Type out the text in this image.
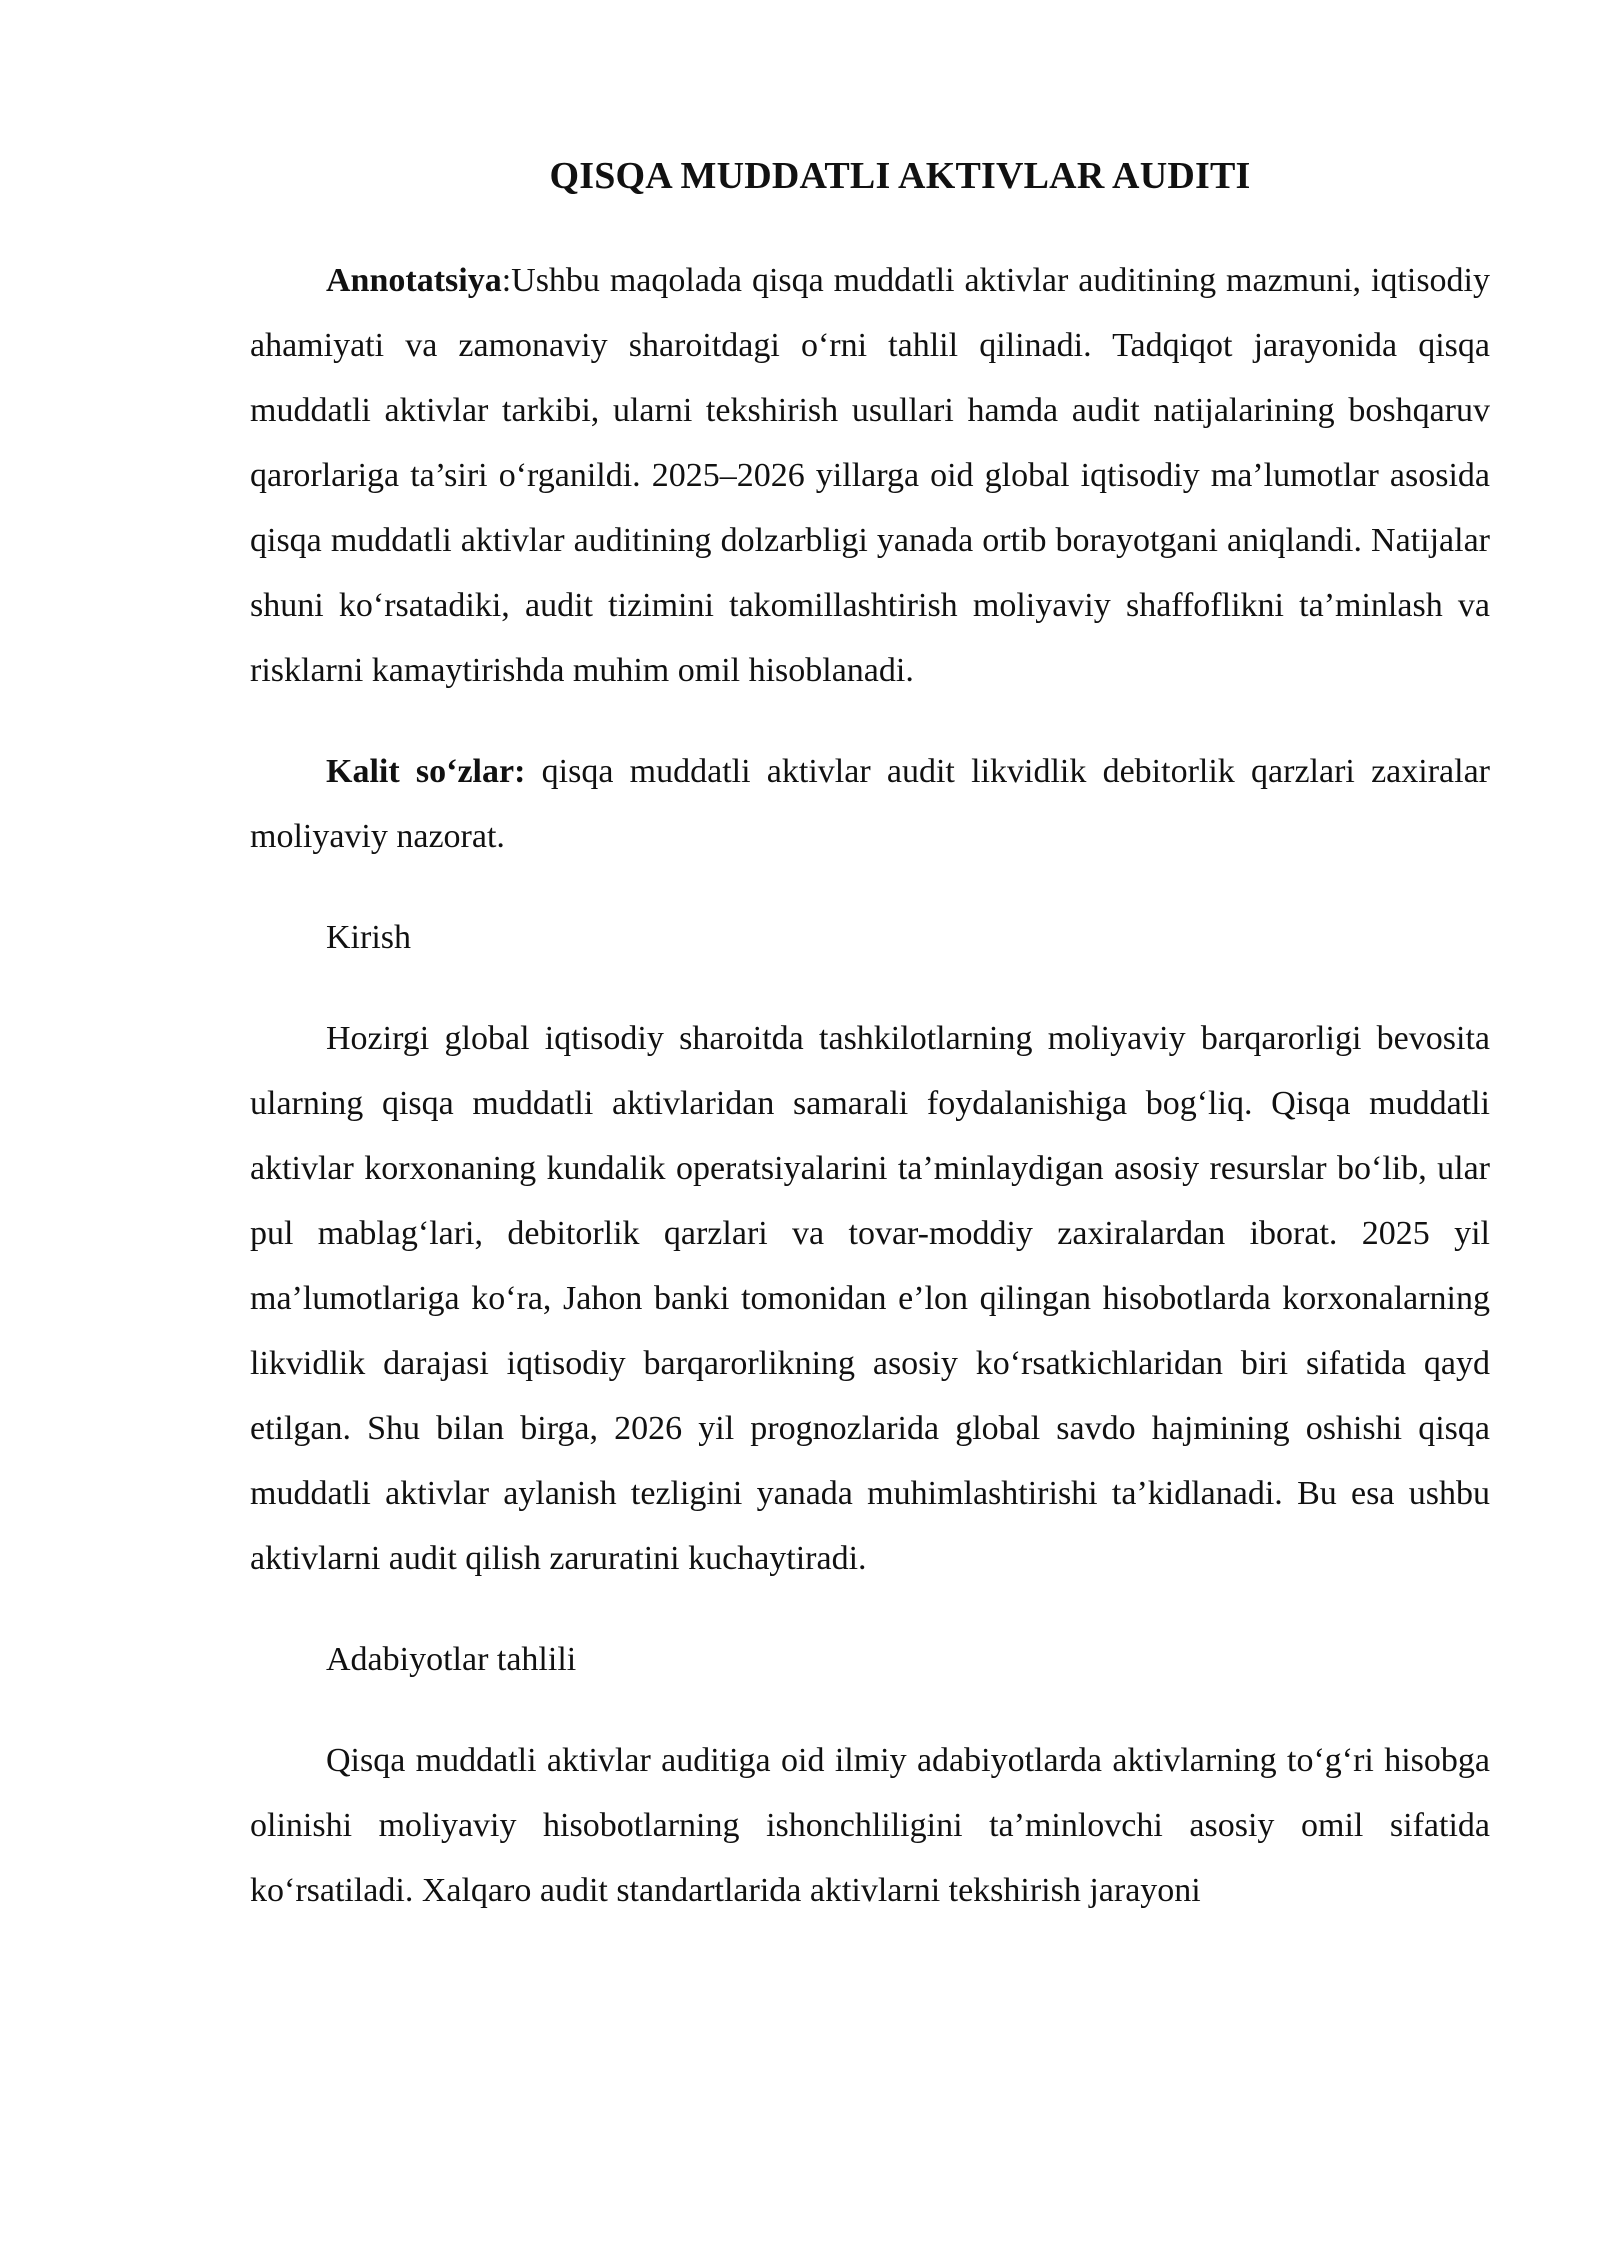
QISQA MUDDATLI AKTIVLAR AUDITI

Annotatsiya:Ushbu maqolada qisqa muddatli aktivlar auditining mazmuni, iqtisodiy ahamiyati va zamonaviy sharoitdagi o‘rni tahlil qilinadi. Tadqiqot jarayonida qisqa muddatli aktivlar tarkibi, ularni tekshirish usullari hamda audit natijalarining boshqaruv qarorlariga ta’siri o‘rganildi. 2025–2026 yillarga oid global iqtisodiy ma’lumotlar asosida qisqa muddatli aktivlar auditining dolzarbligi yanada ortib borayotgani aniqlandi. Natijalar shuni ko‘rsatadiki, audit tizimini takomillashtirish moliyaviy shaffoflikni ta’minlash va risklarni kamaytirishda muhim omil hisoblanadi.

Kalit so‘zlar: qisqa muddatli aktivlar audit likvidlik debitorlik qarzlari zaxiralar moliyaviy nazorat.

Kirish

Hozirgi global iqtisodiy sharoitda tashkilotlarning moliyaviy barqarorligi bevosita ularning qisqa muddatli aktivlaridan samarali foydalanishiga bog‘liq. Qisqa muddatli aktivlar korxonaning kundalik operatsiyalarini ta’minlaydigan asosiy resurslar bo‘lib, ular pul mablag‘lari, debitorlik qarzlari va tovar-moddiy zaxiralardan iborat. 2025 yil ma’lumotlariga ko‘ra, Jahon banki tomonidan e’lon qilingan hisobotlarda korxonalarning likvidlik darajasi iqtisodiy barqarorlikning asosiy ko‘rsatkichlaridan biri sifatida qayd etilgan. Shu bilan birga, 2026 yil prognozlarida global savdo hajmining oshishi qisqa muddatli aktivlar aylanish tezligini yanada muhimlashtirishi ta’kidlanadi. Bu esa ushbu aktivlarni audit qilish zaruratini kuchaytiradi.

Adabiyotlar tahlili

Qisqa muddatli aktivlar auditiga oid ilmiy adabiyotlarda aktivlarning to‘g‘ri hisobga olinishi moliyaviy hisobotlarning ishonchliligini ta’minlovchi asosiy omil sifatida ko‘rsatiladi. Xalqaro audit standartlarida aktivlarni tekshirish jarayoni
